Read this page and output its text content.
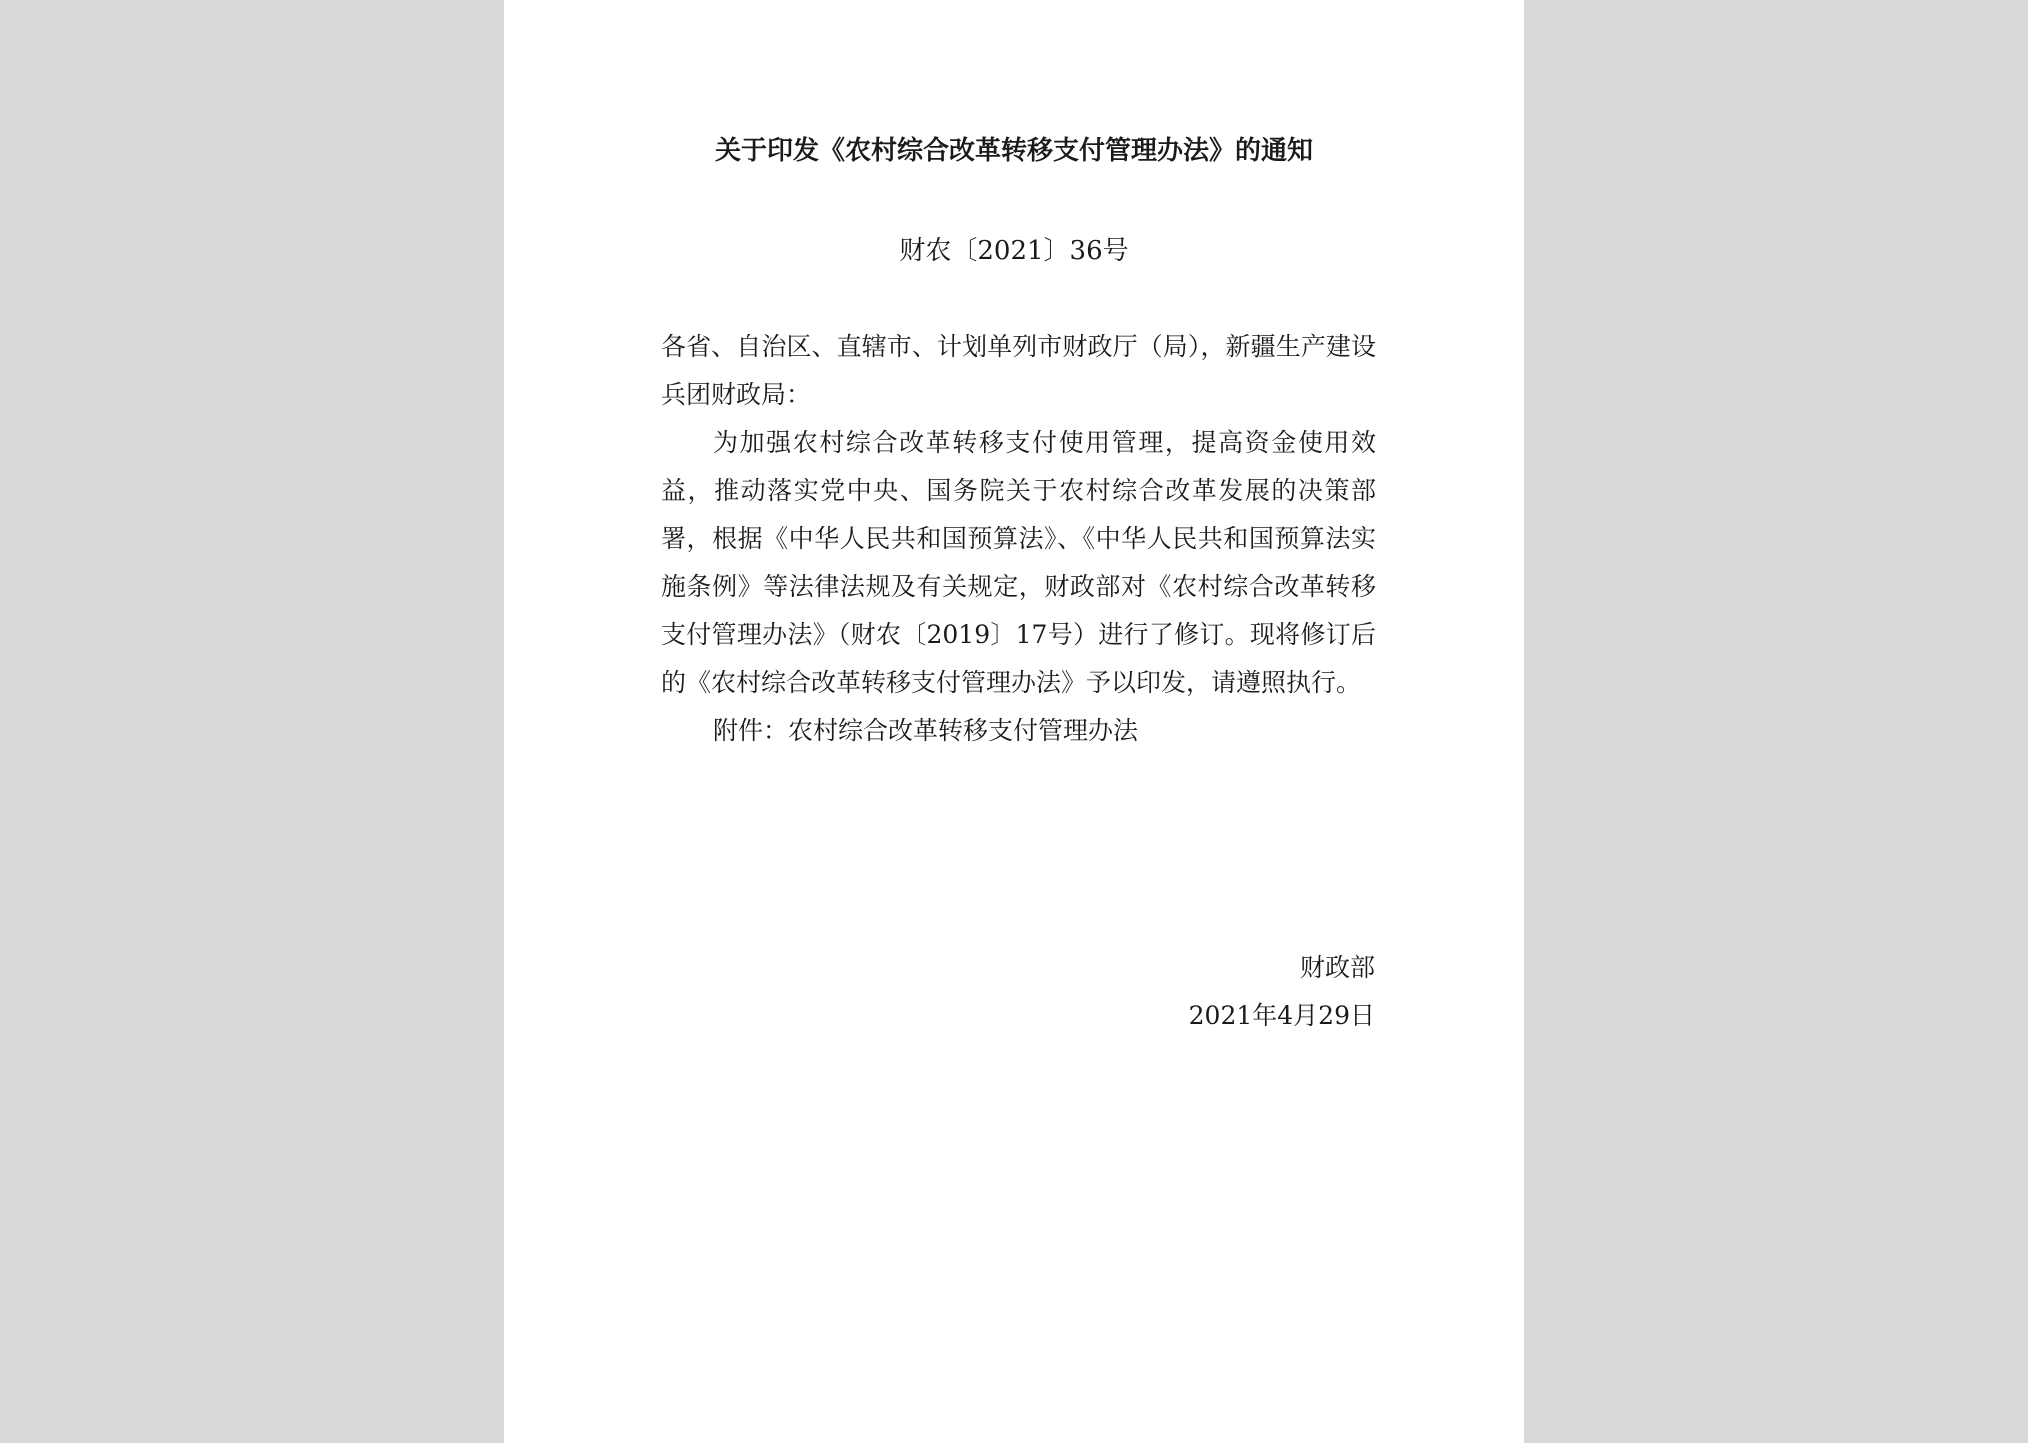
关于印发《农村综合改革转移支付管理办法》的通知
财农〔2021〕36号

各省、自治区、直辖市、计划单列市财政厅（局），新疆生产建设兵团财政局：

为加强农村综合改革转移支付使用管理，提高资金使用效益，推动落实党中央、国务院关于农村综合改革发展的决策部署，根据《中华人民共和国预算法》、《中华人民共和国预算法实施条例》等法律法规及有关规定，财政部对《农村综合改革转移支付管理办法》（财农〔2019〕17号）进行了修订。现将修订后的《农村综合改革转移支付管理办法》予以印发，请遵照执行。

附件：农村综合改革转移支付管理办法

财政部
2021年4月29日
